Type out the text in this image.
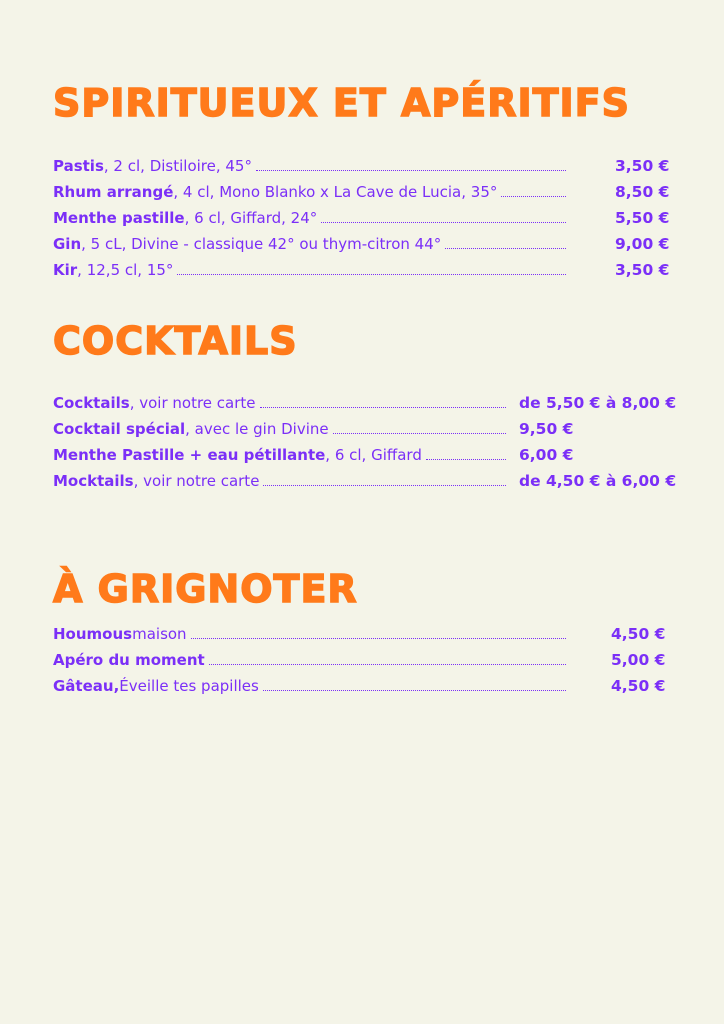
SPIRITUEUX ET APÉRITIFS
Pastis , 2 cl, Distiloire, 45°	3,50 €
Rhum arrangé , 4 cl, Mono Blanko x La Cave de Lucia, 35°	8,50 €
Menthe pastille , 6 cl, Giffard, 24°	5,50 €
Gin , 5 cL, Divine - classique 42° ou thym-citron 44°	9,00 €
Kir , 12,5 cl, 15°	3,50 €
COCKTAILS
Cocktails , voir notre carte	de 5,50 € à 8,00 €
Cocktail spécial , avec le gin Divine	9,50 €
Menthe Pastille + eau pétillante , 6 cl, Giffard	6,00 €
Mocktails , voir notre carte	de 4,50 € à 6,00 €
À GRIGNOTER
Houmous maison	4,50 €
Apéro du moment	5,00 €
Gâteau, Éveille tes papilles	4,50 €
